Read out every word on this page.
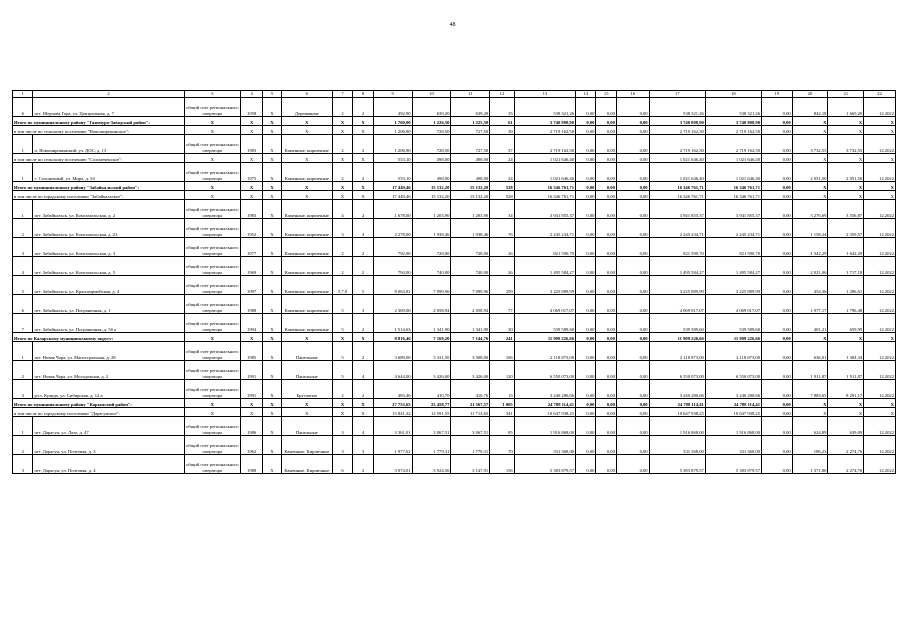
48
1	2	3	4	5	6	7	8	9	10	11	12	13	14	15	16	17	18	19	20	21	22
6	пгт. Шерлова Гора, ул. Центральная, д. 7	общий счет регионального оператора	1958	Х	Деревянные	2	2	492,90	639,20	639,20	35	538 321,26	0,00	0,00	0,00	538 321,26	538 321,26	0,00	842,18	1 665,20	12.2022
Итого по муниципальному району "Газимуро-Заводский район":		Х	Х	Х	Х	Х	Х	1 760,00	1 226,50	1 225,50	61	3 740 808,90	0,00	0,00	0,00	3 740 808,90	3 740 808,90	0,00	Х	Х	Х
в том числе по сельскому поселению "Новоширокинское":		Х	Х	Х	Х	Х	Х	1 206,90	728,50	727,50	39	2 719 162,50	0,00	0,00	0,00	2 719 162,50	2 719 162,50	0,00	Х	Х	Х
1	п. Новоширокинский, ул. ДОС, д. 13	общий счет регионального оператора	1983	Х	Каменные, кирпичные	2	2	1 206,90	728,50	727,50	37	2 719 162,50	0,00	0,00	0,00	2 719 162,50	2 719 162,50	0,00	3 732,55	3 732,55	12.2022
в том числе по сельскому поселению "Солонеченское":		Х	Х	Х	Х	Х	Х	553,10	498,00	498,00	24	1 021 646,40	0,00	0,00	0,00	1 021 646,40	1 021 646,40	0,00	Х	Х	Х
1	с. Солонечный, ул. Мира, д. 34	общий счет регионального оператора	1975	Х	Каменные, кирпичные	2	2	553,10	498,00	498,00	24	1 021 646,40	0,00	0,00	0,00	1 021 646,40	1 021 646,40	0,00	2 051,50	2 051,50	12.2022
Итого по муниципальному району "Забайкальский район":		Х	Х	Х	Х	Х	Х	17 449,46	15 132,20	15 132,20	528	16 346 761,71	0,00	0,00	0,00	16 346 761,71	16 346 761,71	0,00	Х	Х	Х
в том числе по городскому поселению "Забайкальское":		Х	Х	Х	Х	Х	Х	17 449,46	15 132,20	15 132,20	528	16 346 761,71	0,00	0,00	0,00	16 346 761,71	16 346 761,71	0,00	Х	Х	Х
1	пгт. Забайкальск, ул. Комсомольская, д. 2	общий счет регионального оператора	1983	Х	Каменные, кирпичные	4	2	1 678,00	1 203,90	1 203,90	34	3 941 855,37	0,00	0,00	0,00	3 941 855,37	3 941 855,37	0,00	3 276,69	3 556,87	12.2022
2	пгт. Забайкальск, ул. Комсомольская, д. 23	общий счет регионального оператора	1952	Х	Каменные, кирпичные	3	3	2 278,00	1 938,46	1 938,46	76	2 245 234,71	0,00	0,00	0,00	2 245 234,71	2 245 234,71	0,00	1 158,24	2 359,57	12.2022
3	пгт. Забайкальск, ул. Комсомольская, д. 3	общий счет регионального оператора	1977	Х	Каменные, кирпичные	2	2	792,00	728,00	728,00	26	821 590,70	0,00	0,00	0,00	821 590,70	821 590,70	0,00	1 342,29	1 642,29	12.2022
4	пгт. Забайкальск, ул. Комсомольская, д. 5	общий счет регионального оператора	1969	Х	Каменные, кирпичные	2	2	794,00	740,00	740,00	26	1 495 584,27	0,00	0,00	0,00	1 495 584,27	1 495 584,27	0,00	2 021,06	1 717,18	12.2022
5	пгт. Забайкальск, ул. Красноармейская, д. 4	общий счет регионального оператора	1997	Х	Каменные, кирпичные	5,7,9	5	8 063,81	7 099,96	7 099,96	259	3 225 889,99	0,00	0,00	0,00	3 225 889,99	3 225 889,99	0,00	454,36	1 286,61	12.2022
6	пгт. Забайкальск, ул. Пограничная, д. 1	общий счет регионального оператора	1988	Х	Каменные, кирпичные	5	3	2 369,00	2 058,94	2 058,94	77	4 069 017,07	0,00	0,00	0,00	4 069 017,07	4 069 017,07	0,00	1 977,17	1 796,48	12.2022
7	пгт. Забайкальск, ул. Пограничная, д. 5б а	общий счет регионального оператора	1994	Х	Каменные, кирпичные	5	2	1 514,63	1 341,90	1 341,90	30	539 589,60	0,00	0,00	0,00	539 589,60	539 589,60	0,00	401,21	659,99	12.2022
Итого по Каларскому муниципальному округу:		Х	Х	Х	Х	Х	Х	8 816,46	7 169,20	7 144,76	241	11 909 226,66	0,00	0,00	0,00	11 909 226,66	11 909 226,66	0,00	Х	Х	Х
1	пгт. Новая Чара, ул. Магистральная, д. 28	общий счет регионального оператора	1985	Х	Панельные	5	2	3 689,00	3 331,50	3 308,00	106	2 118 873,00	0,00	0,00	0,00	2 118 873,00	2 118 873,00	0,00	636,01	1 384,34	12.2022
2	пгт. Новая Чара, ул. Молодежная, д. 2	общий счет регионального оператора	1991	Х	Панельные	5	4	4 644,00	3 426,00	3 426,00	120	6 550 073,00	0,00	0,00	0,00	6 550 073,00	6 550 073,00	0,00	1 911,87	1 911,87	12.2022
3	р/ст. Куанда, ул. Сибирская, д. 12 а	общий счет регионального оператора	1991	Х	Брусчатые	2	2	483,46	410,70	410,76	15	3 240 280,66	0,00	0,00	0,00	3 240 280,66	3 240 280,66	0,00	7 883,65	8 291,17	12.2022
Итого по муниципальному району "Карымский район":		Х	Х	Х	Х	Х	Х	27 753,65	23 458,77	21 567,57	1 005	24 788 114,41	0,00	0,00	0,00	24 788 114,41	24 788 114,41	0,00	Х	Х	Х
в том числе по городскому поселению "Дарасунское":		Х	Х	Х	Х	Х	Х	15 841,32	12 591,55	11 713,65	341	10 647 938,25	0,00	0,00	0,00	10 647 938,25	10 647 938,25	0,00	Х	Х	Х
1	пгт. Дарасун, ул. Лазо, д. 47	общий счет регионального оператора	1986	Х	Панельные	3	4	3 361,01	3 067,51	3 067,51	85	1 916 868,00	0,00	0,00	0,00	1 916 868,00	1 916 868,00	0,00	624,89	639,09	12.2022
2	пгт. Дарасун, ул. Почтовая, д. 3	общий счет регионального оператора	1962	Х	Каменные, Кирпичные	3	3	1 977,61	1 779,31	1 779,31	70	331 368,00	0,00	0,00	0,00	331 368,00	331 368,00	0,00	186,23	2 274,76	12.2022
3	пгт. Дарасун, ул. Почтовая, д. 4	общий счет регионального оператора	1988	Х	Каменные, Кирпичные	6	2	3 074,01	3 924,56	3 147,91	156	5 383 879,57	0,00	0,00	0,00	5 383 879,57	5 383 879,57	0,00	1 371,86	2 274,76	12.2022
